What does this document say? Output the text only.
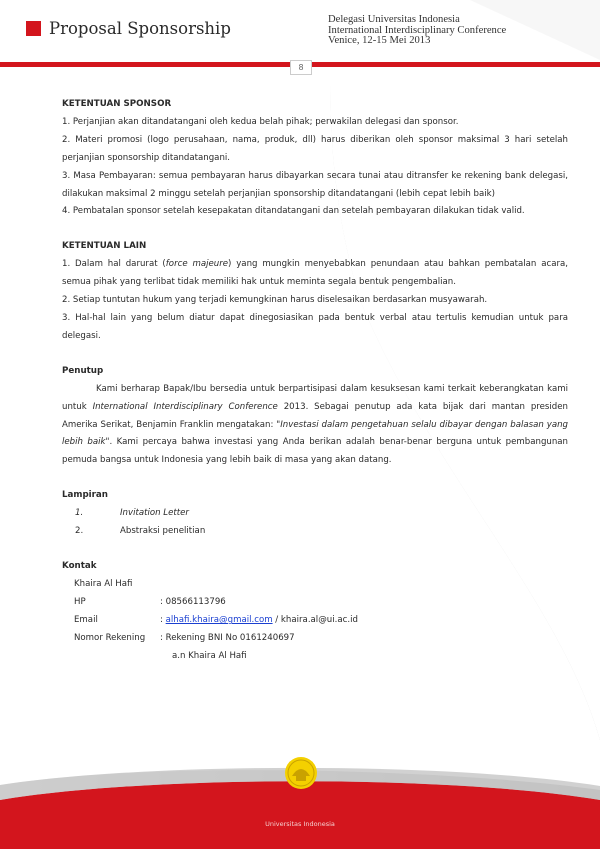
Proposal Sponsorship	Delegasi Universitas Indonesia
International Interdisciplinary Conference
Venice, 12-15 Mei 2013
8

KETENTUAN SPONSOR

1. Perjanjian akan ditandatangani oleh kedua belah pihak; perwakilan delegasi dan sponsor.

2. Materi promosi (logo perusahaan, nama, produk, dll) harus diberikan oleh sponsor maksimal 3 hari setelah perjanjian sponsorship ditandatangani.

3. Masa Pembayaran: semua pembayaran harus dibayarkan secara tunai atau ditransfer ke rekening bank delegasi, dilakukan maksimal 2 minggu setelah perjanjian sponsorship ditandatangani (lebih cepat lebih baik)

4. Pembatalan sponsor setelah kesepakatan ditandatangani dan setelah pembayaran dilakukan tidak valid.

KETENTUAN LAIN

1. Dalam hal darurat (force majeure) yang mungkin menyebabkan penundaan atau bahkan pembatalan acara, semua pihak yang terlibat tidak memiliki hak untuk meminta segala bentuk pengembalian.

2. Setiap tuntutan hukum yang terjadi kemungkinan harus diselesaikan berdasarkan musyawarah.

3. Hal-hal lain yang belum diatur dapat dinegosiasikan pada bentuk verbal atau tertulis kemudian untuk para delegasi.

Penutup

Kami berharap Bapak/Ibu bersedia untuk berpartisipasi dalam kesuksesan kami terkait keberangkatan kami untuk International Interdisciplinary Conference 2013. Sebagai penutup ada kata bijak dari mantan presiden Amerika Serikat, Benjamin Franklin mengatakan: "Investasi dalam pengetahuan selalu dibayar dengan balasan yang lebih baik". Kami percaya bahwa investasi yang Anda berikan adalah benar-benar berguna untuk pembangunan pemuda bangsa untuk Indonesia yang lebih baik di masa yang akan datang.

Lampiran

1.	Invitation Letter
2.	Abstraksi penelitian

Kontak

Khaira Al Hafi
HP	: 08566113796
Email	: alhafi.khaira@gmail.com / khaira.al@ui.ac.id
Nomor Rekening	: Rekening BNI No 0161240697
a.n Khaira Al Hafi
Universitas Indonesia
